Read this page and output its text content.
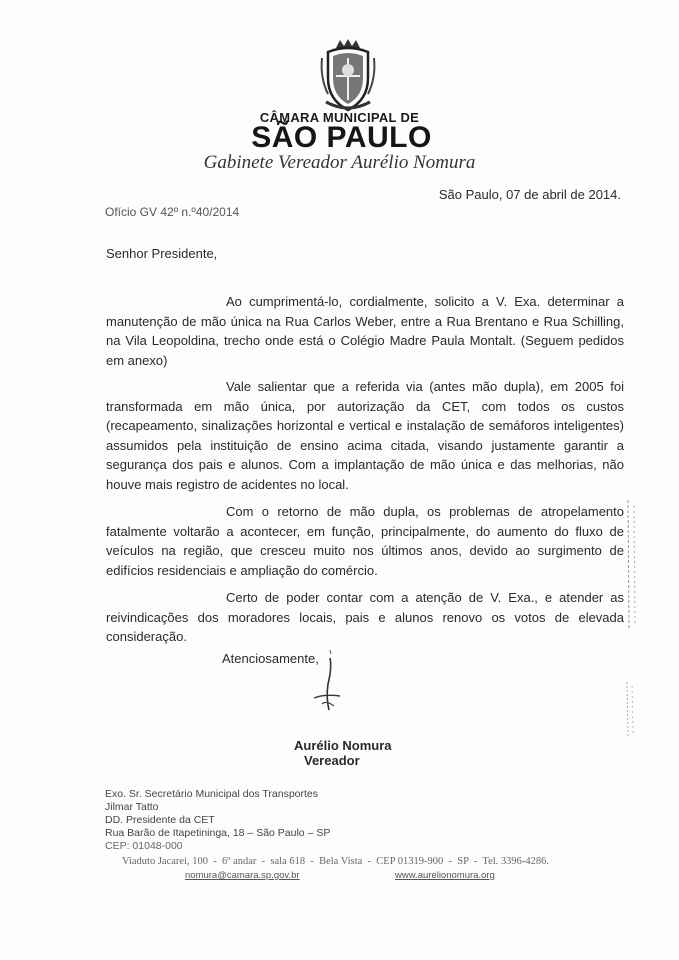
CÂMARA MUNICIPAL DE
SÃO PAULO
Gabinete Vereador Aurélio Nomura
São Paulo, 07 de abril de 2014.
Ofício GV 42º n.º40/2014
Senhor Presidente,

Ao cumprimentá-lo, cordialmente, solicito a V. Exa. determinar a manutenção de mão única na Rua Carlos Weber, entre a Rua Brentano e Rua Schilling, na Vila Leopoldina, trecho onde está o Colégio Madre Paula Montalt. (Seguem pedidos em anexo)

Vale salientar que a referida via (antes mão dupla), em 2005 foi transformada em mão única, por autorização da CET, com todos os custos (recapeamento, sinalizações horizontal e vertical e instalação de semáforos inteligentes) assumidos pela instituição de ensino acima citada, visando justamente garantir a segurança dos pais e alunos. Com a implantação de mão única e das melhorias, não houve mais registro de acidentes no local.

Com o retorno de mão dupla, os problemas de atropelamento fatalmente voltarão a acontecer, em função, principalmente, do aumento do fluxo de veículos na região, que cresceu muito nos últimos anos, devido ao surgimento de edifícios residenciais e ampliação do comércio.

Certo de poder contar com a atenção de V. Exa., e atender as reivindicações dos moradores locais, pais e alunos renovo os votos de elevada consideração.

Atenciosamente,
Aurélio Nomura
Vereador
Exo. Sr. Secretário Municipal dos Transportes
Jilmar Tatto
DD. Presidente da CET
Rua Barão de Itapetininga, 18 – São Paulo – SP
CEP: 01048-000
Viaduto Jacareí, 100  -  6º andar  -  sala 618  -  Bela Vista  -  CEP 01319-900  -  SP  -  Tel. 3396-4286.
nomura@camara.sp.gov.br	www.aurelionomura.org
